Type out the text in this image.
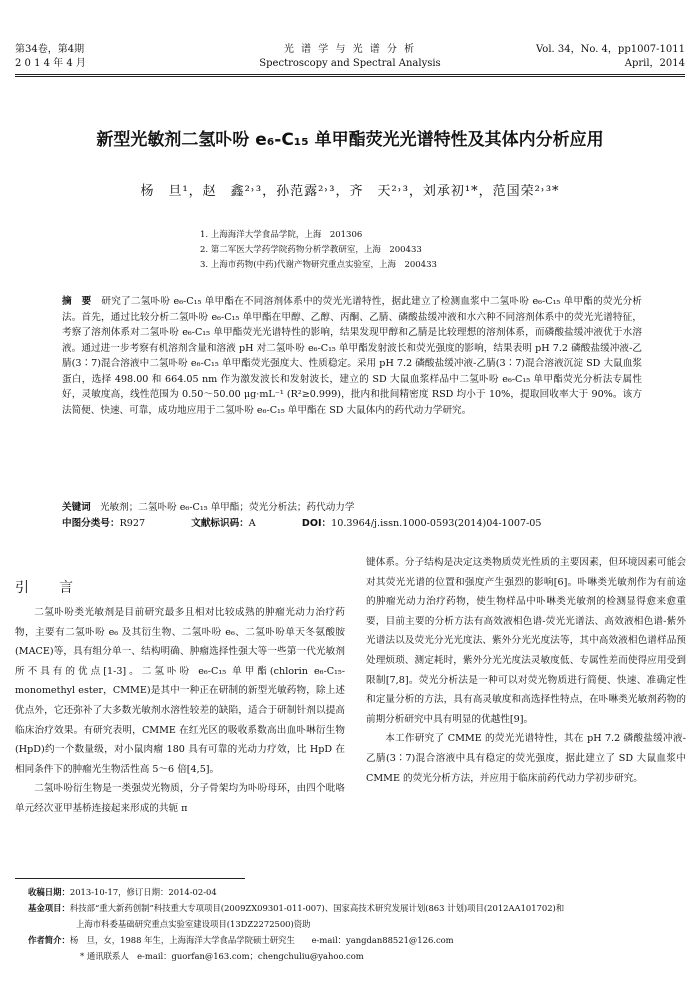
第34卷，第4期
2 0 1 4 年 4 月
光 谱 学 与 光 谱 分 析
Spectroscopy and Spectral Analysis
Vol. 34，No. 4，pp1007-1011
April，2014
新型光敏剂二氢卟吩 e₆-C₁₅ 单甲酯荧光光谱特性及其体内分析应用
杨　旦¹，赵　鑫²˒³，孙范露²˒³，齐　天²˒³，刘承初¹*，范国荣²˒³*
1. 上海海洋大学食品学院，上海　201306
2. 第二军医大学药学院药物分析学教研室，上海　200433
3. 上海市药物(中药)代谢产物研究重点实验室，上海　200433
摘　要 研究了二氢卟吩 e₆-C₁₅ 单甲酯在不同溶剂体系中的荧光光谱特性，据此建立了检测血浆中二氢卟吩 e₆-C₁₅ 单甲酯的荧光分析法。首先，通过比较分析二氢卟吩 e₆-C₁₅ 单甲酯在甲醇、乙醇、丙酮、乙腈、磷酸盐缓冲液和水六种不同溶剂体系中的荧光光谱特征，考察了溶剂体系对二氢卟吩 e₆-C₁₅ 单甲酯荧光光谱特性的影响，结果发现甲醇和乙腈是比较理想的溶剂体系，而磷酸盐缓冲液优于水溶液。通过进一步考察有机溶剂含量和溶液 pH 对二氢卟吩 e₆-C₁₅ 单甲酯发射波长和荧光强度的影响，结果表明 pH 7.2 磷酸盐缓冲液-乙腈(3∶7)混合溶液中二氢卟吩 e₆-C₁₅ 单甲酯荧光强度大、性质稳定。采用 pH 7.2 磷酸盐缓冲液-乙腈(3∶7)混合溶液沉淀 SD 大鼠血浆蛋白，选择 498.00 和 664.05 nm 作为激发波长和发射波长，建立的 SD 大鼠血浆样品中二氢卟吩 e₆-C₁₅ 单甲酯荧光分析法专属性好，灵敏度高，线性范围为 0.50～50.00 μg·mL⁻¹ (R²≥0.999)，批内和批间精密度 RSD 均小于 10%，提取回收率大于 90%。该方法简便、快速、可靠，成功地应用于二氢卟吩 e₆-C₁₅ 单甲酯在 SD 大鼠体内的药代动力学研究。
关键词 光敏剂；二氢卟吩 e₆-C₁₅ 单甲酯；荧光分析法；药代动力学
中图分类号：R927	文献标识码：A	DOI：10.3964/j.issn.1000-0593(2014)04-1007-05
引　言

二氢卟吩类光敏剂是目前研究最多且相对比较成熟的肿瘤光动力治疗药物，主要有二氢卟吩 e₆ 及其衍生物、二氢卟吩 e₆、二氢卟吩单天冬氨酸胺(MACE)等，具有组分单一、结构明确、肿瘤选择性强大等一些第一代光敏剂所不具有的优点[1-3]。二氢卟吩 e₆-C₁₅ 单甲酯(chlorin e₆-C₁₅-monomethyl ester，CMME)是其中一种正在研制的新型光敏药物，除上述优点外，它还弥补了大多数光敏剂水溶性较差的缺陷，适合于研制针剂以提高临床治疗效果。有研究表明，CMME 在红光区的吸收系数高出血卟啉衍生物(HpD)约一个数量级，对小鼠肉瘤 180 具有可靠的光动力疗效，比 HpD 在相同条件下的肿瘤光生物活性高 5～6 倍[4,5]。

二氢卟吩衍生物是一类强荧光物质，分子骨架均为卟吩母环，由四个吡咯单元经次亚甲基桥连接起来形成的共轭 π

键体系。分子结构是决定这类物质荧光性质的主要因素，但环境因素可能会对其荧光光谱的位置和强度产生强烈的影响[6]。卟啉类光敏剂作为有前途的肿瘤光动力治疗药物，使生物样品中卟啉类光敏剂的检测显得愈来愈重要，目前主要的分析方法有高效液相色谱-荧光光谱法、高效液相色谱-紫外光谱法以及荧光分光光度法、紫外分光光度法等，其中高效液相色谱样品预处理烦琐、测定耗时，紫外分光光度法灵敏度低、专属性差而使得应用受到限制[7,8]。荧光分析法是一种可以对荧光物质进行简便、快速、准确定性和定量分析的方法，具有高灵敏度和高选择性特点，在卟啉类光敏剂药物的前期分析研究中具有明显的优越性[9]。

本工作研究了 CMME 的荧光光谱特性，其在 pH 7.2 磷酸盐缓冲液-乙腈(3∶7)混合溶液中具有稳定的荧光强度，据此建立了 SD 大鼠血浆中 CMME 的荧光分析方法，并应用于临床前药代动力学初步研究。

收稿日期：2013-10-17，修订日期：2014-02-04
基金项目：科技部“重大新药创制”科技重大专项项目(2009ZX09301-011-007)、国家高技术研究发展计划(863 计划)项目(2012AA101702)和
上海市科委基础研究重点实验室建设项目(13DZ2272500)资助
作者简介：杨　旦，女，1988 年生，上海海洋大学食品学院硕士研究生　　e-mail：yangdan88521@126.com
* 通讯联系人　e-mail：guorfan@163.com；chengchuliu@yahoo.com
